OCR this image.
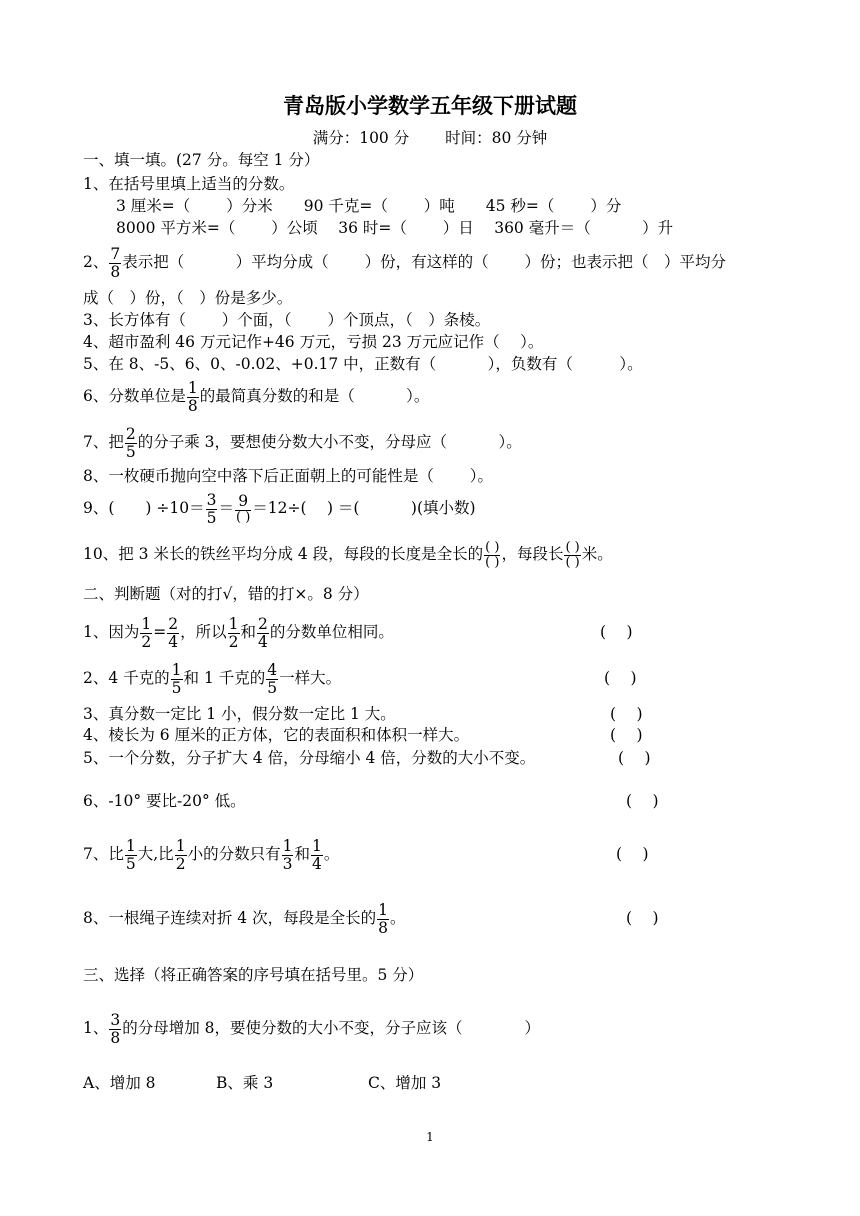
青岛版小学数学五年级下册试题
满分：100 分　　 时间：80 分钟
一、填一填。(27 分。每空 1 分）
1、在括号里填上适当的分数。
3 厘米=（　　 ）分米　　90 千克=（　　 ）吨　　45 秒=（　　 ）分
8000 平方米=（　　 ）公顷　 36 时=（　　 ）日　 360 毫升＝（　　　 ）升
2、 $\frac{7}{8}$ 表示把（　　　 ）平均分成（　　 ）份，有这样的（　　 ）份；也表示把（　）平均分
成（　）份，（　）份是多少。
3、长方体有（　　 ）个面，（　　 ）个顶点，（　）条棱。
4、超市盈利 46 万元记作+46 万元，亏损 23 万元应记作（　 ）。
5、在 8、-5、6、0、-0.02、+0.17 中，正数有（　　　 ），负数有（　　　）。
6、分数单位是 $\frac{1}{8}$ 的最简真分数的和是（　　　 ）。
7、把 $\frac{2}{5}$ 的分子乘 3，要想使分数大小不变，分母应（　　　 ）。
8、一枚硬币抛向空中落下后正面朝上的可能性是（　　 ）。
9、(　　) $\div 10= \frac{3}{5} = 9$
( )
＝12÷( 　) ＝(　　　 )(填小数)
10、把 3 米长的铁丝平均分成 4 段，每段的长度是全长的 ( )
( ) ，每段长 ( )
( ) 米。
二、判断题（对的打√，错的打×。8 分）
1、因为 $\frac{1}{2} = \frac{2}{4}$ ，所以 $\frac{1}{2}$ 和 $\frac{2}{4}$ 的分数单位相同。	(　 )
2、4 千克的 $\frac{1}{5}$ 和 1 千克的 $\frac{4}{5}$ 一样大。	(　 )
3、真分数一定比 1 小，假分数一定比 1 大。	(　 )
4、棱长为 6 厘米的正方体，它的表面积和体积一样大。	(　 )
5、一个分数，分子扩大 4 倍，分母缩小 4 倍，分数的大小不变。	(　 )
6、-10° 要比-20° 低。	(　 )
7、比 $\frac{1}{5}$ 大,比 $\frac{1}{2}$ 小的分数只有 $\frac{1}{3}$ 和 $\frac{1}{4}$ 。	(　 )
8、一根绳子连续对折 4 次，每段是全长的 $\frac{1}{8}$ 。	(　 )
三、选择（将正确答案的序号填在括号里。5 分）
1、 $\frac{3}{8}$ 的分母增加 8，要使分数的大小不变，分子应该（　　　　）
A、增加 8	B、乘 3	C、增加 3
1
